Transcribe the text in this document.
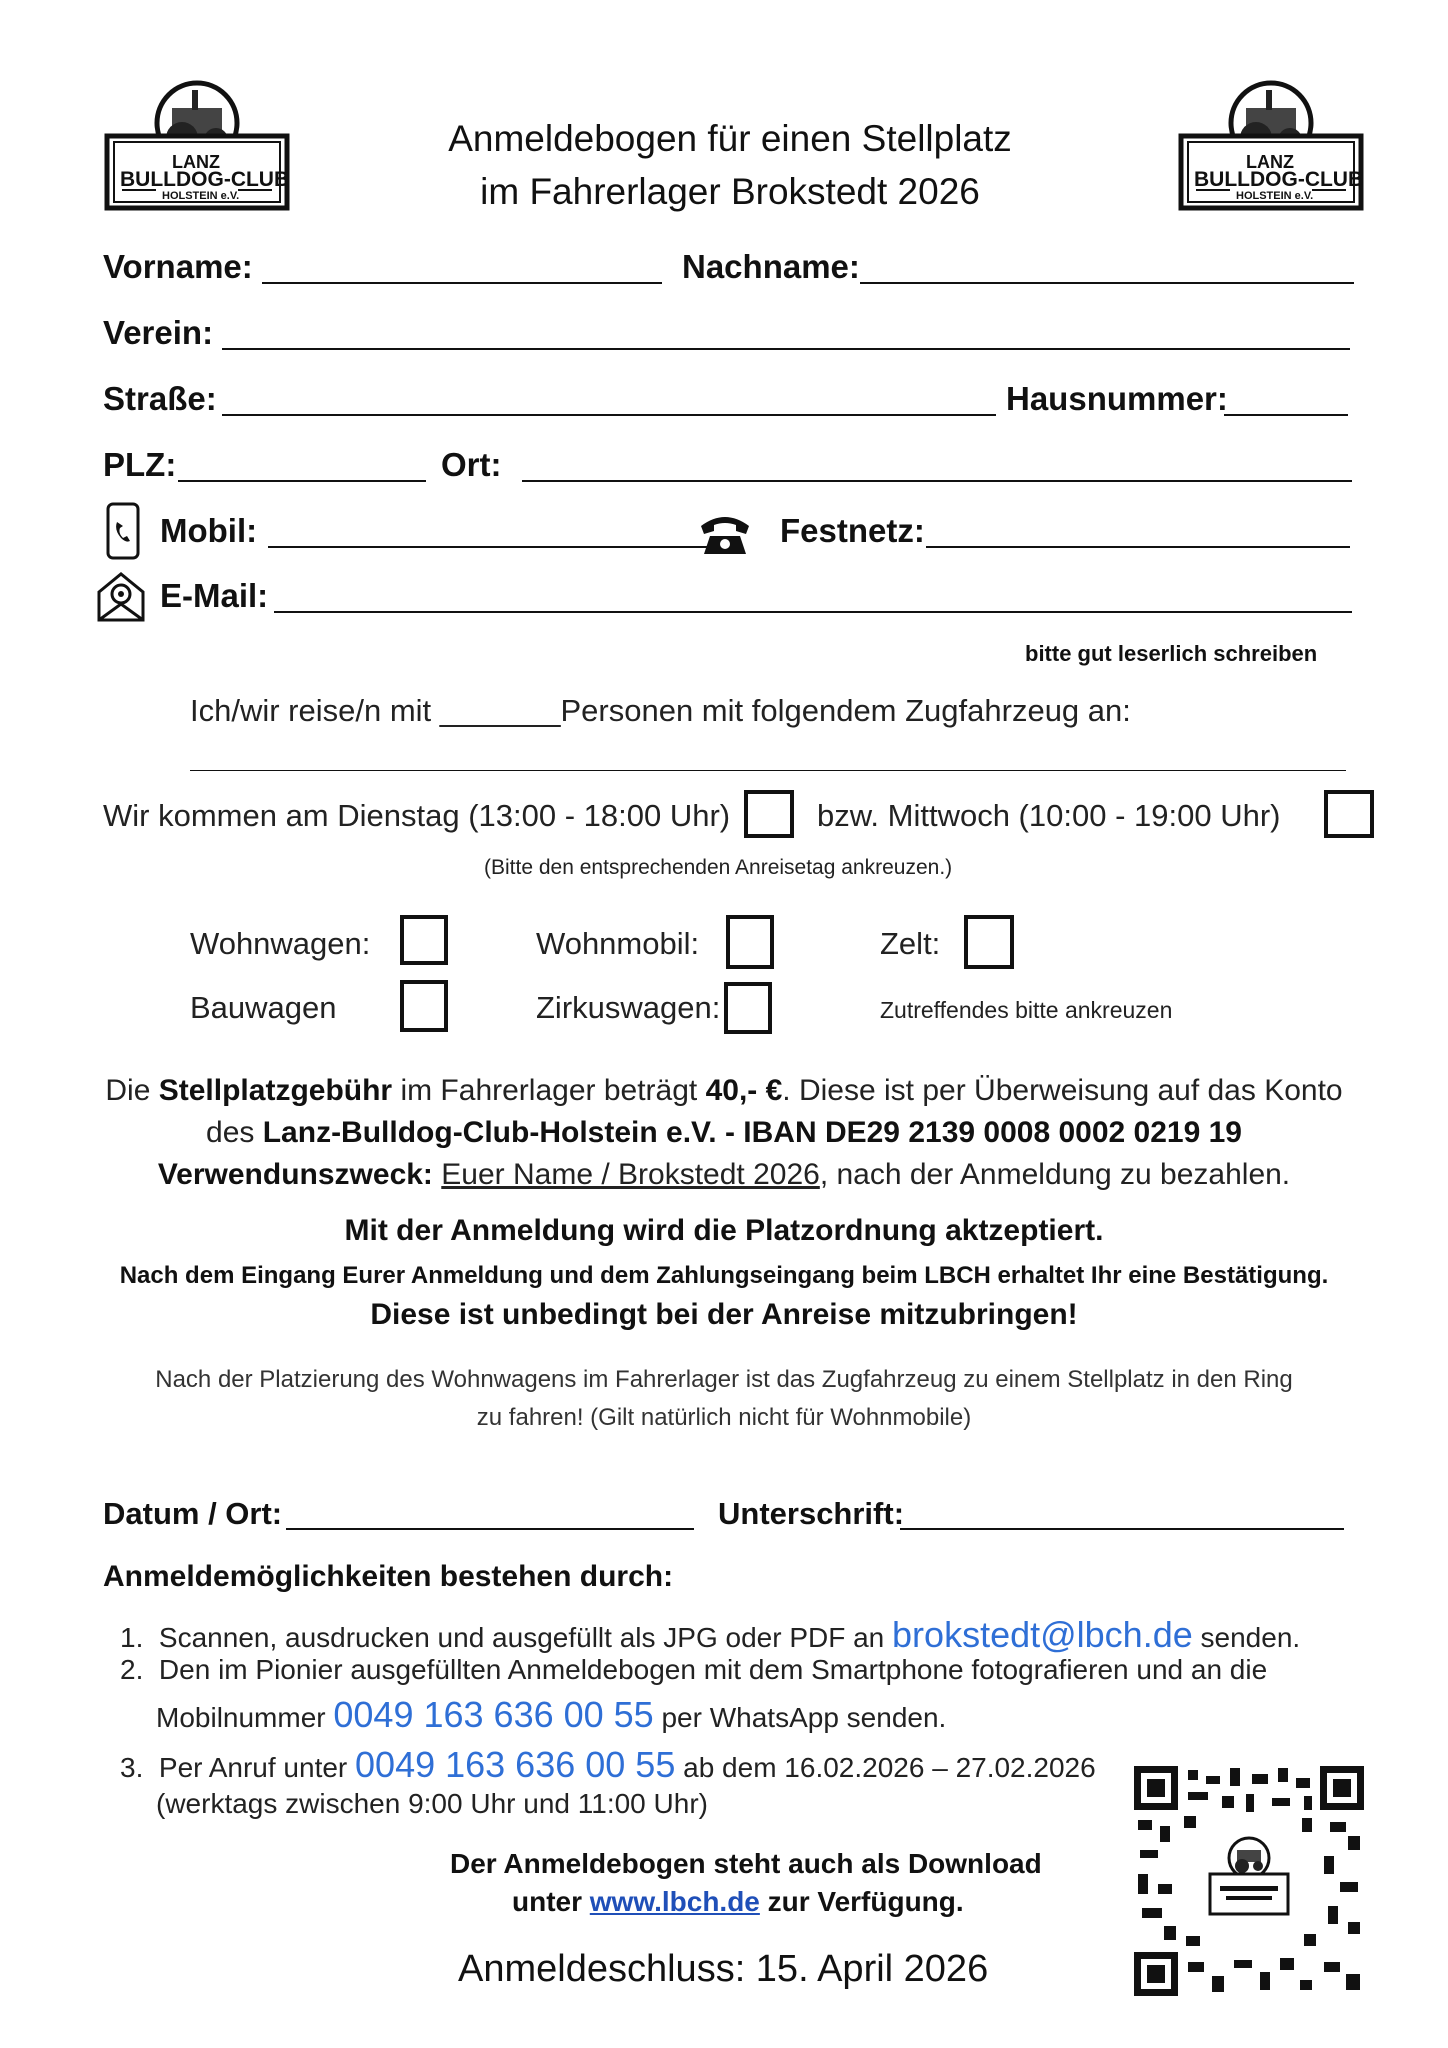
LANZ
BULLDOG-CLUB
HOLSTEIN e.V.
LANZ
BULLDOG-CLUB
HOLSTEIN e.V.
Anmeldebogen für einen Stellplatz
im Fahrerlager Brokstedt 2026
Vorname:	Nachname:
Verein:
Straße:	Hausnummer:
PLZ:	Ort:
Mobil:	Festnetz:
E-Mail:
bitte gut leserlich schreiben
Ich/wir reise/n mit _______Personen mit folgendem Zugfahrzeug an:
Wir kommen am Dienstag (13:00 - 18:00 Uhr)	bzw. Mittwoch (10:00 - 19:00 Uhr)
(Bitte den entsprechenden Anreisetag ankreuzen.)
Wohnwagen:	Wohnmobil:	Zelt:
Bauwagen	Zirkuswagen:	Zutreffendes bitte ankreuzen
Die Stellplatzgebühr im Fahrerlager beträgt 40,- €. Diese ist per Überweisung auf das Konto
des Lanz-Bulldog-Club-Holstein e.V. - IBAN DE29 2139 0008 0002 0219 19
Verwendunszweck: Euer Name / Brokstedt 2026, nach der Anmeldung zu bezahlen.
Mit der Anmeldung wird die Platzordnung aktzeptiert.
Nach dem Eingang Eurer Anmeldung und dem Zahlungseingang beim LBCH erhaltet Ihr eine Bestätigung.
Diese ist unbedingt bei der Anreise mitzubringen!
Nach der Platzierung des Wohnwagens im Fahrerlager ist das Zugfahrzeug zu einem Stellplatz in den Ring
zu fahren! (Gilt natürlich nicht für Wohnmobile)
Datum / Ort:	Unterschrift:
Anmeldemöglichkeiten bestehen durch:
1. Scannen, ausdrucken und ausgefüllt als JPG oder PDF an brokstedt@lbch.de senden.
2. Den im Pionier ausgefüllten Anmeldebogen mit dem Smartphone fotografieren und an die
Mobilnummer 0049 163 636 00 55 per WhatsApp senden.
3. Per Anruf unter 0049 163 636 00 55 ab dem 16.02.2026 – 27.02.2026
(werktags zwischen 9:00 Uhr und 11:00 Uhr)
Der Anmeldebogen steht auch als Download
unter www.lbch.de zur Verfügung.
Anmeldeschluss: 15. April 2026
